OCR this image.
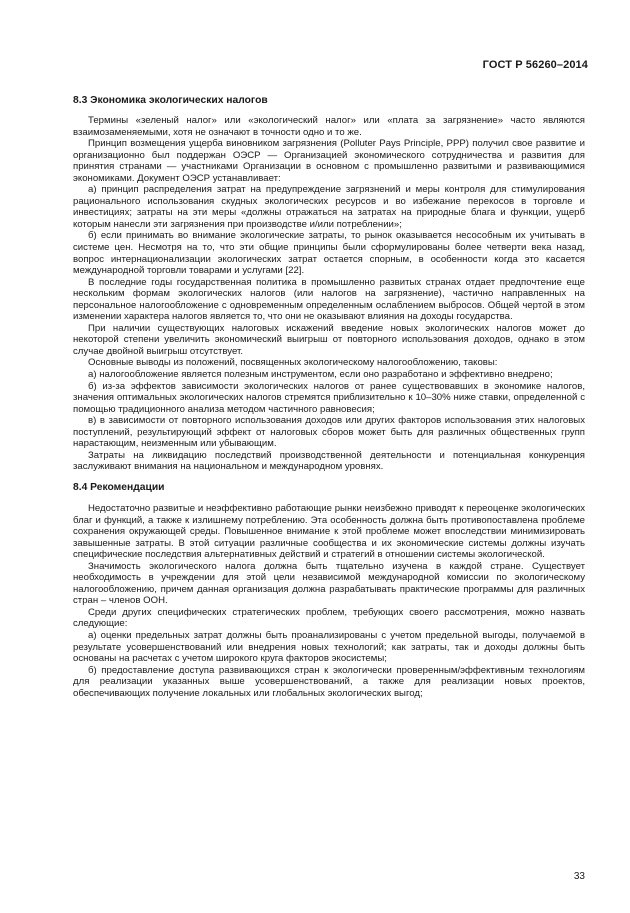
ГОСТ Р 56260–2014
8.3 Экономика экологических налогов

Термины «зеленый налог» или «экологический налог» или «плата за загрязнение» часто являются взаимозаменяемыми, хотя не означают в точности одно и то же.

Принцип возмещения ущерба виновником загрязнения (Polluter Pays Principle, PPP) получил свое развитие и организационно был поддержан ОЭСР — Организацией экономического сотрудничества и развития для принятия странами — участниками Организации в основном с промышленно развитыми и развивающимися экономиками. Документ ОЭСР устанавливает:

а) принцип распределения затрат на предупреждение загрязнений и меры контроля для стимулирования рационального использования скудных экологических ресурсов и во избежание перекосов в торговле и инвестициях; затраты на эти меры «должны отражаться на затратах на природные блага и функции, ущерб которым нанесли эти загрязнения при производстве и/или потреблении»;

б) если принимать во внимание экологические затраты, то рынок оказывается несособным их учитывать в системе цен. Несмотря на то, что эти общие принципы были сформулированы более четверти века назад, вопрос интернационализации экологических затрат остается спорным, в особенности когда это касается международной торговли товарами и услугами [22].

В последние годы государственная политика в промышленно развитых странах отдает предпочтение еще нескольким формам экологических налогов (или налогов на загрязнение), частично направленных на персональное налогообложение с одновременным определенным ослаблением выбросов. Общей чертой в этом изменении характера налогов является то, что они не оказывают влияния на доходы государства.

При наличии существующих налоговых искажений введение новых экологических налогов может до некоторой степени увеличить экономический выигрыш от повторного использования доходов, однако в этом случае двойной выигрыш отсутствует.

Основные выводы из положений, посвященных экологическому налогообложению, таковы:

а) налогообложение является полезным инструментом, если оно разработано и эффективно внедрено;

б) из-за эффектов зависимости экологических налогов от ранее существовавших в экономике налогов, значения оптимальных экологических налогов стремятся приблизительно к 10–30% ниже ставки, определенной с помощью традиционного анализа методом частичного равновесия;

в) в зависимости от повторного использования доходов или других факторов использования этих налоговых поступлений, результирующий эффект от налоговых сборов может быть для различных общественных групп нарастающим, неизменным или убывающим.

Затраты на ликвидацию последствий производственной деятельности и потенциальная конкуренция заслуживают внимания на национальном и международном уровнях.

8.4 Рекомендации

Недостаточно развитые и неэффективно работающие рынки неизбежно приводят к переоценке экологических благ и функций, а также к излишнему потреблению. Эта особенность должна быть противопоставлена проблеме сохранения окружающей среды. Повышенное внимание к этой проблеме может впоследствии минимизировать завышенные затраты. В этой ситуации различные сообщества и их экономические системы должны изучать специфические последствия альтернативных действий и стратегий в отношении системы экологической.

Значимость экологического налога должна быть тщательно изучена в каждой стране. Существует необходимость в учреждении для этой цели независимой международной комиссии по экологическому налогообложению, причем данная организация должна разрабатывать практические программы для различных стран – членов ООН.

Среди других специфических стратегических проблем, требующих своего рассмотрения, можно назвать следующие:

а) оценки предельных затрат должны быть проанализированы с учетом предельной выгоды, получаемой в результате усовершенствований или внедрения новых технологий; как затраты, так и доходы должны быть основаны на расчетах с учетом широкого круга факторов экосистемы;

б) предоставление доступа развивающихся стран к экологически проверенным/эффективным технологиям для реализации указанных выше усовершенствований, а также для реализации новых проектов, обеспечивающих получение локальных или глобальных экологических выгод;

33
